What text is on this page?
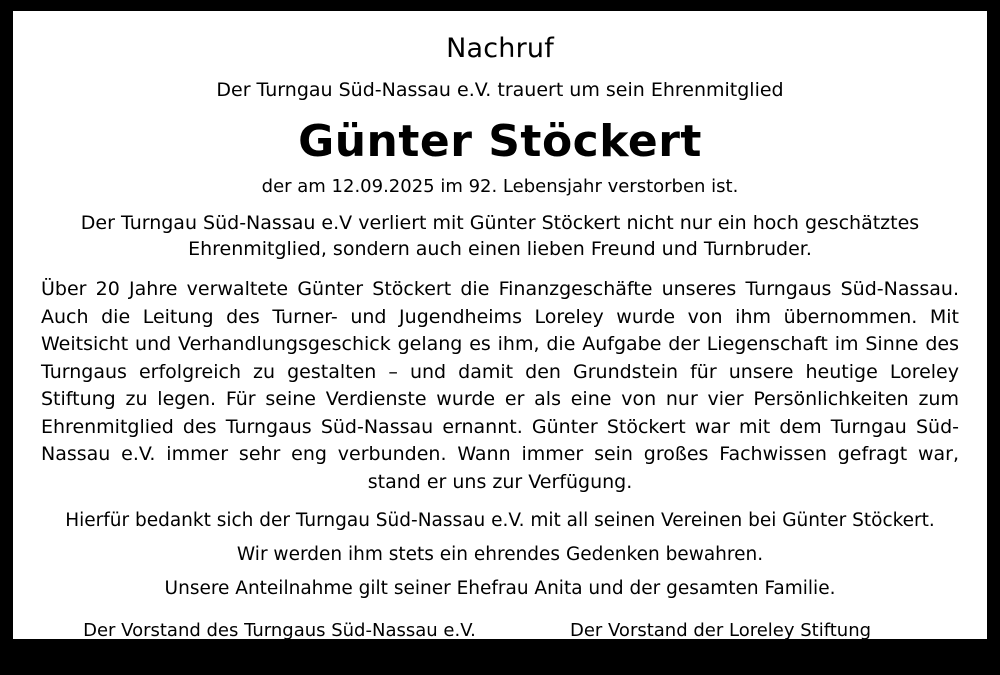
Nachruf
Der Turngau Süd-Nassau e.V. trauert um sein Ehrenmitglied
Günter Stöckert
der am 12.09.2025 im 92. Lebensjahr verstorben ist.
Der Turngau Süd-Nassau e.V verliert mit Günter Stöckert nicht nur ein hoch geschätztes Ehrenmitglied, sondern auch einen lieben Freund und Turnbruder.
Über 20 Jahre verwaltete Günter Stöckert die Finanzgeschäfte unseres Turngaus Süd-Nassau. Auch die Leitung des Turner- und Jugendheims Loreley wurde von ihm übernommen. Mit Weitsicht und Verhandlungsgeschick gelang es ihm, die Aufgabe der Liegenschaft im Sinne des Turngaus erfolgreich zu gestalten – und damit den Grundstein für unsere heutige Loreley Stiftung zu legen. Für seine Verdienste wurde er als eine von nur vier Persönlichkeiten zum Ehrenmitglied des Turngaus Süd-Nassau ernannt. Günter Stöckert war mit dem Turngau Süd-Nassau e.V. immer sehr eng verbunden. Wann immer sein großes Fachwissen gefragt war, stand er uns zur Verfügung.
Hierfür bedankt sich der Turngau Süd-Nassau e.V. mit all seinen Vereinen bei Günter Stöckert.
Wir werden ihm stets ein ehrendes Gedenken bewahren.
Unsere Anteilnahme gilt seiner Ehefrau Anita und der gesamten Familie.
Der Vorstand des Turngaus Süd-Nassau e.V.
Vorsitzender Jochen Baumgartner
Der Vorstand der Loreley Stiftung
Vorsitzender Steffen Zander
